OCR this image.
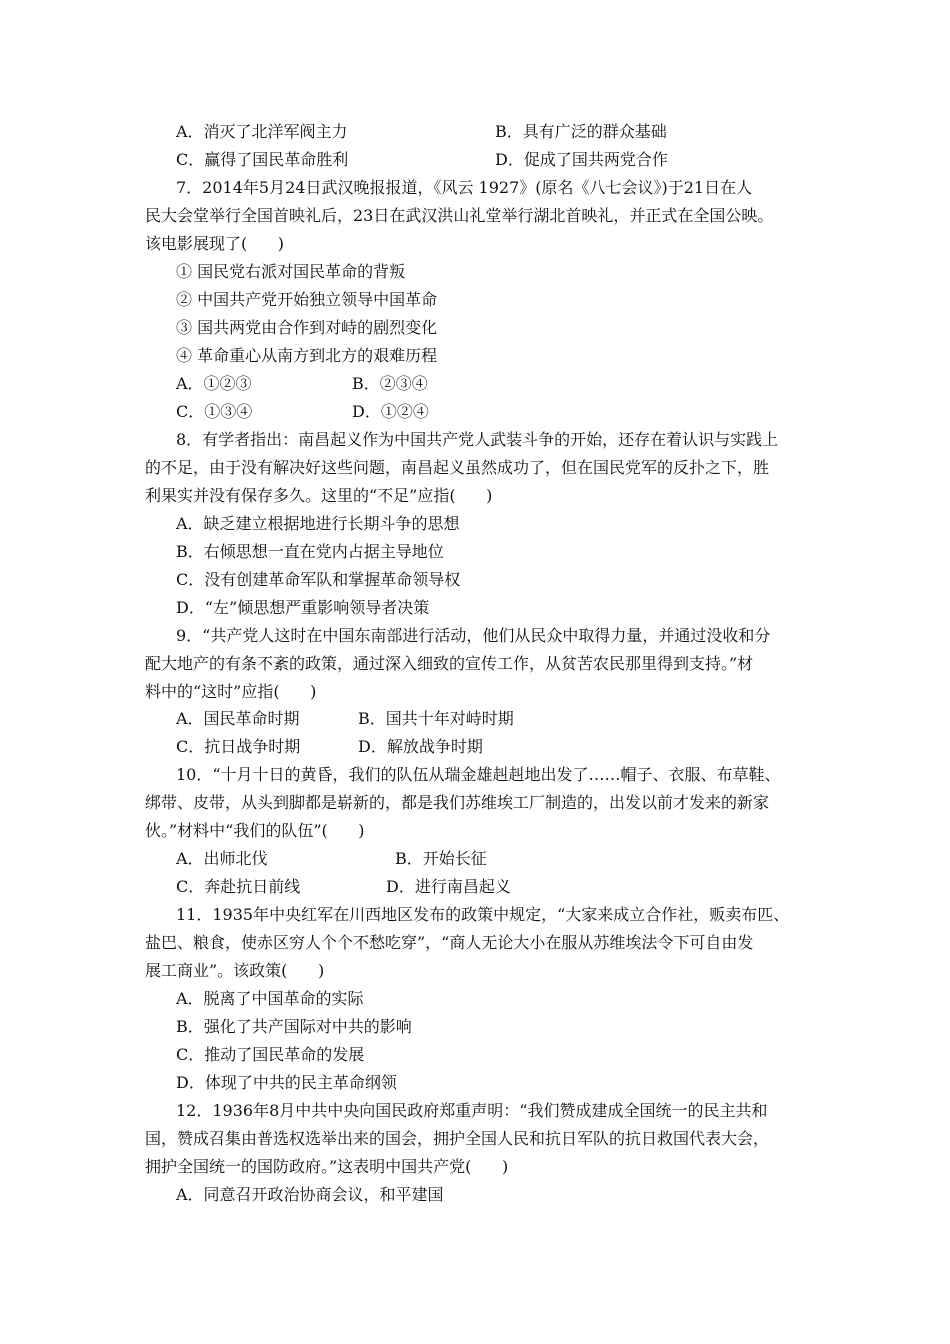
A．消灭了北洋军阀主力	B．具有广泛的群众基础
C．赢得了国民革命胜利	D．促成了国共两党合作
7．2014年5月24日武汉晚报报道，《风云 1927》(原名《八七会议》)于21日在人
民大会堂举行全国首映礼后，23日在武汉洪山礼堂举行湖北首映礼，并正式在全国公映。
该电影展现了(      )
① 国民党右派对国民革命的背叛
② 中国共产党开始独立领导中国革命
③ 国共两党由合作到对峙的剧烈变化
④ 革命重心从南方到北方的艰难历程
A．①②③	B．②③④
C．①③④	D．①②④
8．有学者指出：南昌起义作为中国共产党人武装斗争的开始，还存在着认识与实践上
的不足，由于没有解决好这些问题，南昌起义虽然成功了，但在国民党军的反扑之下，胜
利果实并没有保存多久。这里的“不足”应指(      )
A．缺乏建立根据地进行长期斗争的思想
B．右倾思想一直在党内占据主导地位
C．没有创建革命军队和掌握革命领导权
D．“左”倾思想严重影响领导者决策
9．“共产党人这时在中国东南部进行活动，他们从民众中取得力量，并通过没收和分
配大地产的有条不紊的政策，通过深入细致的宣传工作，从贫苦农民那里得到支持。”材
料中的“这时”应指(      )
A．国民革命时期	B．国共十年对峙时期
C．抗日战争时期	D．解放战争时期
10．“十月十日的黄昏，我们的队伍从瑞金雄赳赳地出发了……帽子、衣服、布草鞋、
绑带、皮带，从头到脚都是崭新的，都是我们苏维埃工厂制造的，出发以前才发来的新家
伙。”材料中“我们的队伍”(      )
A．出师北伐	B．开始长征
C．奔赴抗日前线	D．进行南昌起义
11．1935年中央红军在川西地区发布的政策中规定，“大家来成立合作社，贩卖布匹、
盐巴、粮食，使赤区穷人个个不愁吃穿”，“商人无论大小在服从苏维埃法令下可自由发
展工商业”。该政策(      )
A．脱离了中国革命的实际
B．强化了共产国际对中共的影响
C．推动了国民革命的发展
D．体现了中共的民主革命纲领
12．1936年8月中共中央向国民政府郑重声明：“我们赞成建成全国统一的民主共和
国，赞成召集由普选权选举出来的国会，拥护全国人民和抗日军队的抗日救国代表大会，
拥护全国统一的国防政府。”这表明中国共产党(      )
A．同意召开政治协商会议，和平建国
